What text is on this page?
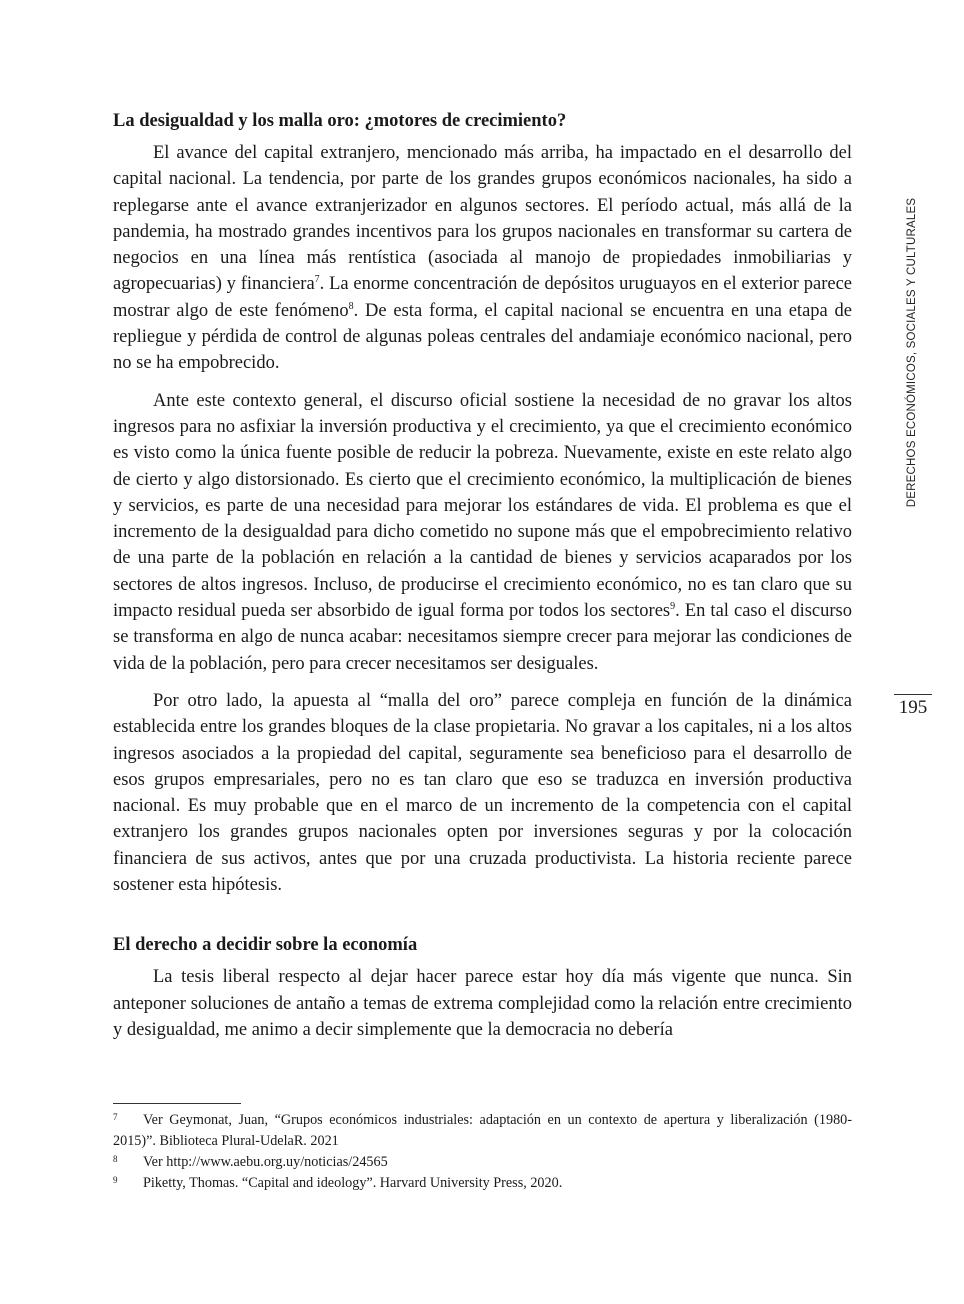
La desigualdad y los malla oro: ¿motores de crecimiento?

El avance del capital extranjero, mencionado más arriba, ha impactado en el desarrollo del capital nacional. La tendencia, por parte de los grandes grupos económicos nacionales, ha sido a replegarse ante el avance extranjerizador en algunos sectores. El período actual, más allá de la pandemia, ha mostrado grandes incentivos para los grupos nacionales en transformar su cartera de negocios en una línea más rentística (asociada al manojo de propiedades inmobiliarias y agropecuarias) y financiera$^7$. La enorme concentración de depósitos uruguayos en el exterior parece mostrar algo de este fenómeno$^8$. De esta forma, el capital nacional se encuentra en una etapa de repliegue y pérdida de control de algunas poleas centrales del andamiaje económico nacional, pero no se ha empobrecido.

Ante este contexto general, el discurso oficial sostiene la necesidad de no gravar los altos ingresos para no asfixiar la inversión productiva y el crecimiento, ya que el crecimiento económico es visto como la única fuente posible de reducir la pobreza. Nuevamente, existe en este relato algo de cierto y algo distorsionado. Es cierto que el crecimiento económico, la multiplicación de bienes y servicios, es parte de una necesidad para mejorar los estándares de vida. El problema es que el incremento de la desigualdad para dicho cometido no supone más que el empobrecimiento relativo de una parte de la población en relación a la cantidad de bienes y servicios acaparados por los sectores de altos ingresos. Incluso, de producirse el crecimiento económico, no es tan claro que su impacto residual pueda ser absorbido de igual forma por todos los sectores$^9$. En tal caso el discurso se transforma en algo de nunca acabar: necesitamos siempre crecer para mejorar las condiciones de vida de la población, pero para crecer necesitamos ser desiguales.

Por otro lado, la apuesta al “malla del oro” parece compleja en función de la dinámica establecida entre los grandes bloques de la clase propietaria. No gravar a los capitales, ni a los altos ingresos asociados a la propiedad del capital, seguramente sea beneficioso para el desarrollo de esos grupos empresariales, pero no es tan claro que eso se traduzca en inversión productiva nacional. Es muy probable que en el marco de un incremento de la competencia con el capital extranjero los grandes grupos nacionales opten por inversiones seguras y por la colocación financiera de sus activos, antes que por una cruzada productivista. La historia reciente parece sostener esta hipótesis.

El derecho a decidir sobre la economía

La tesis liberal respecto al dejar hacer parece estar hoy día más vigente que nunca. Sin anteponer soluciones de antaño a temas de extrema complejidad como la relación entre crecimiento y desigualdad, me animo a decir simplemente que la democracia no debería

7 Ver Geymonat, Juan, “Grupos económicos industriales: adaptación en un contexto de apertura y liberalización (1980-2015)”. Biblioteca Plural-UdelaR. 2021

8 Ver http://www.aebu.org.uy/noticias/24565

9 Piketty, Thomas. “Capital and ideology”. Harvard University Press, 2020.

DERECHOS ECONÓMICOS, SOCIALES Y CULTURALES
195
